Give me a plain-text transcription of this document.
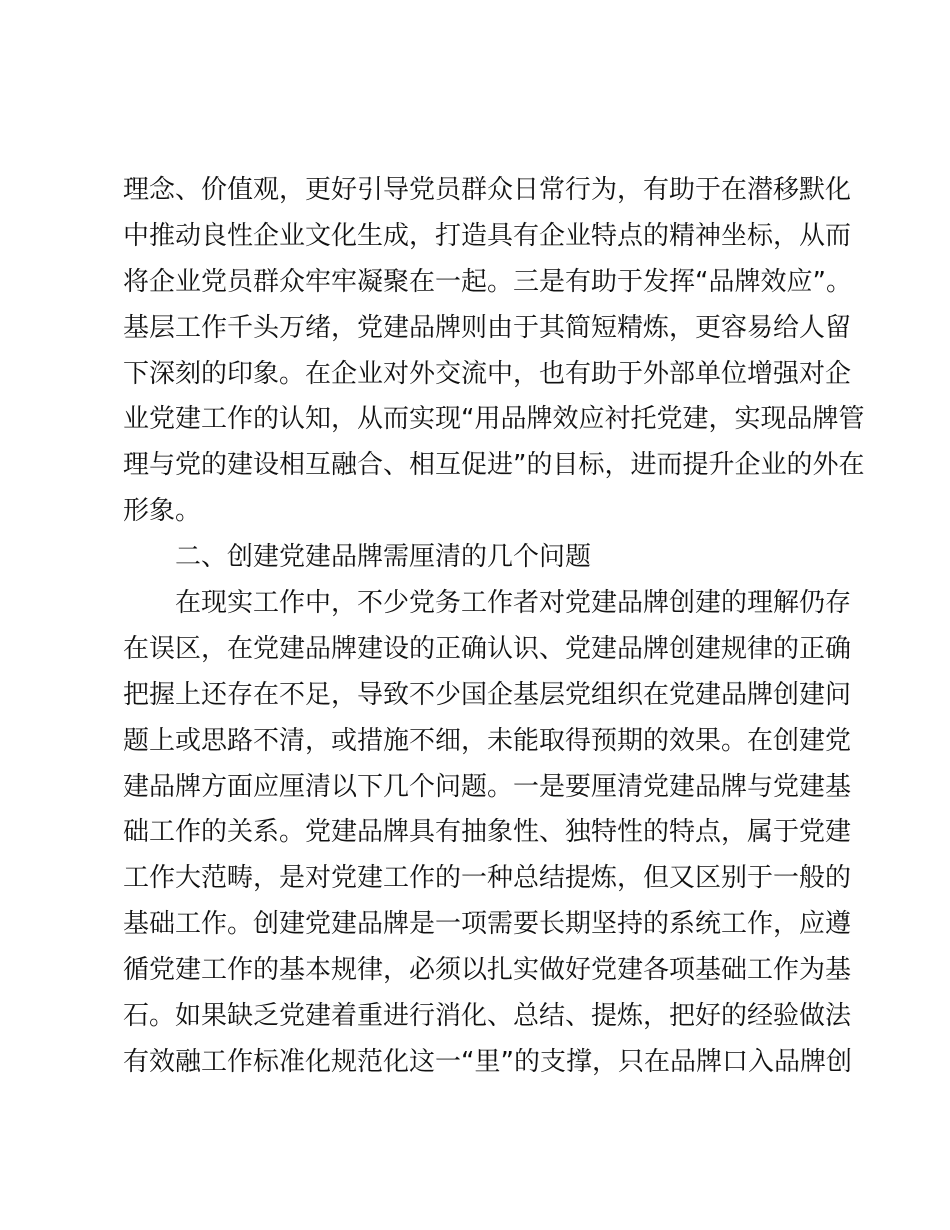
理念、价值观，更好引导党员群众日常行为，有助于在潜移默化
中推动良性企业文化生成，打造具有企业特点的精神坐标，从而
将企业党员群众牢牢凝聚在一起。三是有助于发挥“品牌效应”。
基层工作千头万绪，党建品牌则由于其简短精炼，更容易给人留
下深刻的印象。在企业对外交流中，也有助于外部单位增强对企
业党建工作的认知，从而实现“用品牌效应衬托党建，实现品牌管
理与党的建设相互融合、相互促进”的目标，进而提升企业的外在
形象。
二、创建党建品牌需厘清的几个问题
在现实工作中，不少党务工作者对党建品牌创建的理解仍存
在误区，在党建品牌建设的正确认识、党建品牌创建规律的正确
把握上还存在不足，导致不少国企基层党组织在党建品牌创建问
题上或思路不清，或措施不细，未能取得预期的效果。在创建党
建品牌方面应厘清以下几个问题。一是要厘清党建品牌与党建基
础工作的关系。党建品牌具有抽象性、独特性的特点，属于党建
工作大范畴，是对党建工作的一种总结提炼，但又区别于一般的
基础工作。创建党建品牌是一项需要长期坚持的系统工作，应遵
循党建工作的基本规律，必须以扎实做好党建各项基础工作为基
石。如果缺乏党建着重进行消化、总结、提炼，把好的经验做法
有效融工作标准化规范化这一“里”的支撑，只在品牌口入品牌创
